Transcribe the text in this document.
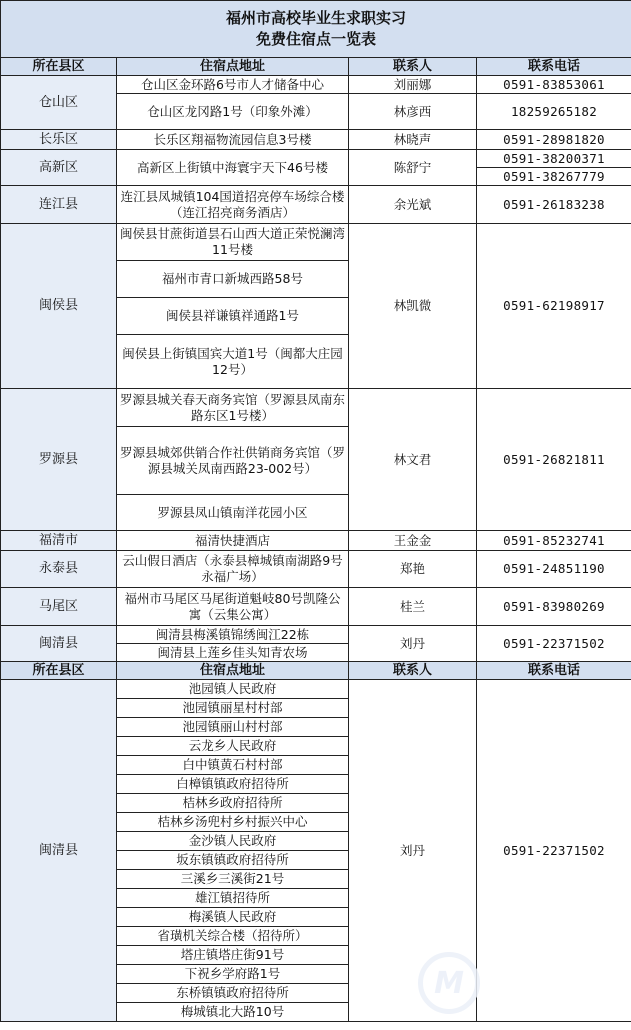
福州市高校毕业生求职实习
免费住宿点一览表			

所在县区	住宿点地址	联系人	联系电话
仓山区	仓山区金环路6号市人才储备中心	刘丽娜	0591-83853061
	仓山区龙冈路1号（印象外滩）	林彦西	18259265182
长乐区	长乐区翔福物流园信息3号楼	林晓声	0591-28981820
高新区	高新区上街镇中海寰宇天下46号楼	陈舒宁	0591-38200371
			0591-38267779
连江县	连江县凤城镇104国道招亮停车场综合楼（连江招亮商务酒店）	余光斌	0591-26183238
闽侯县	闽侯县甘蔗街道昙石山西大道正荣悦澜湾11号楼	林凯微	0591-62198917
	福州市青口新城西路58号		
	闽侯县祥谦镇祥通路1号		
	闽侯县上街镇国宾大道1号（闽都大庄园12号）		
罗源县	罗源县城关春天商务宾馆（罗源县凤南东路东区1号楼）	林文君	0591-26821811
	罗源县城郊供销合作社供销商务宾馆（罗源县城关凤南西路23-002号）		
	罗源县凤山镇南洋花园小区		
福清市	福清快捷酒店	王金金	0591-85232741
永泰县	云山假日酒店（永泰县樟城镇南湖路9号永福广场）	郑艳	0591-24851190
马尾区	福州市马尾区马尾街道魁岐80号凯隆公寓（云集公寓）	桂兰	0591-83980269
闽清县	闽清县梅溪镇锦绣闽江22栋	刘丹	0591-22371502
	闽清县上莲乡佳头知青农场		
所在县区	住宿点地址	联系人	联系电话
闽清县	池园镇人民政府	刘丹	0591-22371502
	池园镇丽星村村部		
	池园镇丽山村村部		
	云龙乡人民政府		
	白中镇黄石村村部		
	白樟镇镇政府招待所		
	桔林乡政府招待所		
	桔林乡汤兜村乡村振兴中心		
	金沙镇人民政府		
	坂东镇镇政府招待所		
	三溪乡三溪街21号		
	雄江镇招待所		
	梅溪镇人民政府		
	省璜机关综合楼（招待所）		
	塔庄镇塔庄街91号		
	下祝乡学府路1号		
	东桥镇镇政府招待所		
	梅城镇北大路10号		
M
